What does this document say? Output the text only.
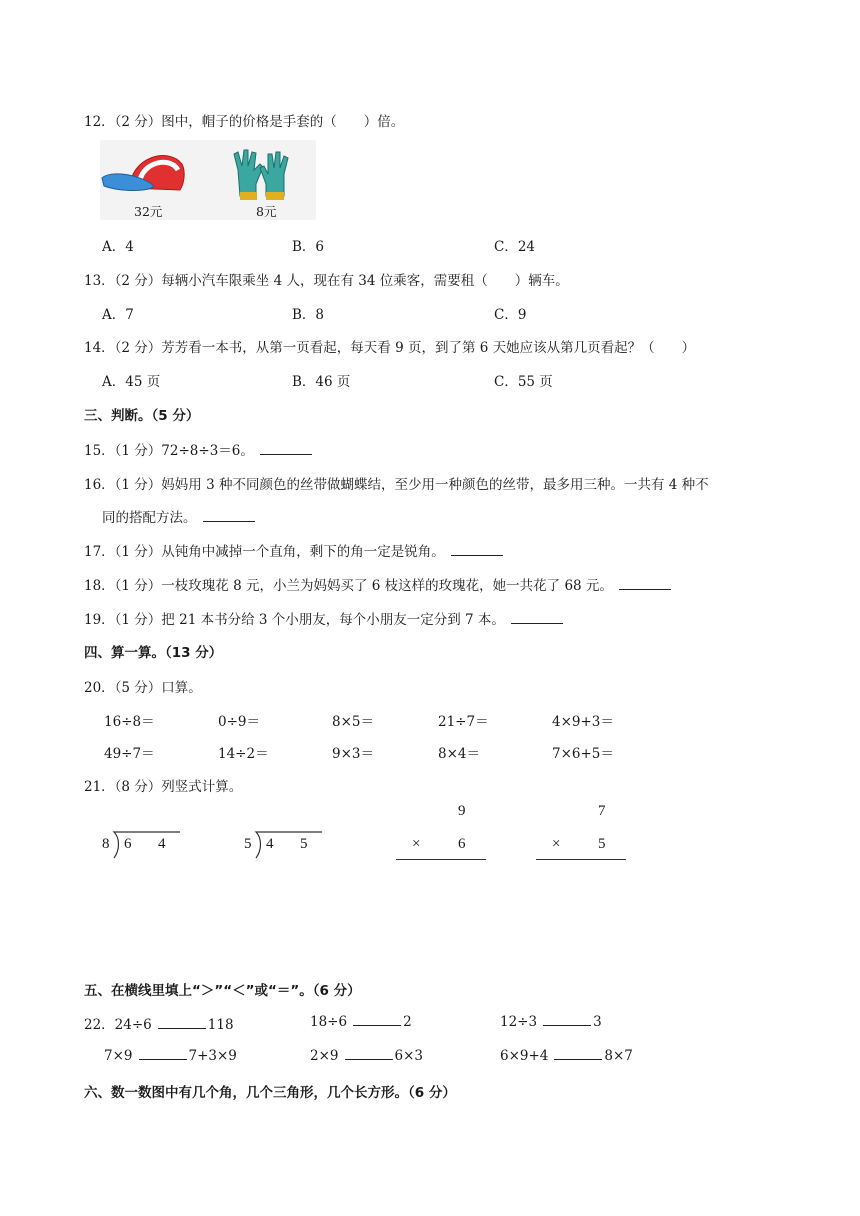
12．（2 分）图中，帽子的价格是手套的（　　）倍。
32元	8元
A．4	B．6	C．24
13．（2 分）每辆小汽车限乘坐 4 人，现在有 34 位乘客，需要租（　　）辆车。
A．7	B．8	C．9
14．（2 分）芳芳看一本书，从第一页看起，每天看 9 页，到了第 6 天她应该从第几页看起？（　　）
A．45 页	B．46 页	C．55 页
三、判断。（5 分）
15．（1 分）72÷8÷3＝6。
16．（1 分）妈妈用 3 种不同颜色的丝带做蝴蝶结，至少用一种颜色的丝带，最多用三种。一共有 4 种不
同的搭配方法。
17．（1 分）从钝角中减掉一个直角，剩下的角一定是锐角。
18．（1 分）一枝玫瑰花 8 元，小兰为妈妈买了 6 枝这样的玫瑰花，她一共花了 68 元。
19．（1 分）把 21 本书分给 3 个小朋友，每个小朋友一定分到 7 本。
四、算一算。（13 分）
20．（5 分）口算。
16÷8＝	0÷9＝	8×5＝	21÷7＝	4×9+3＝
49÷7＝	14÷2＝	9×3＝	8×4＝	7×6+5＝
21．（8 分）列竖式计算。
8 6 4	5 4 5
9
×	6
7
×	5
五、在横线里填上“＞”“＜”或“＝”。（6 分）
22．24÷6	118	18÷6	2	12÷3	3
7×9	7+3×9	2×9	6×3	6×9+4	8×7
六、数一数图中有几个角，几个三角形，几个长方形。（6 分）
